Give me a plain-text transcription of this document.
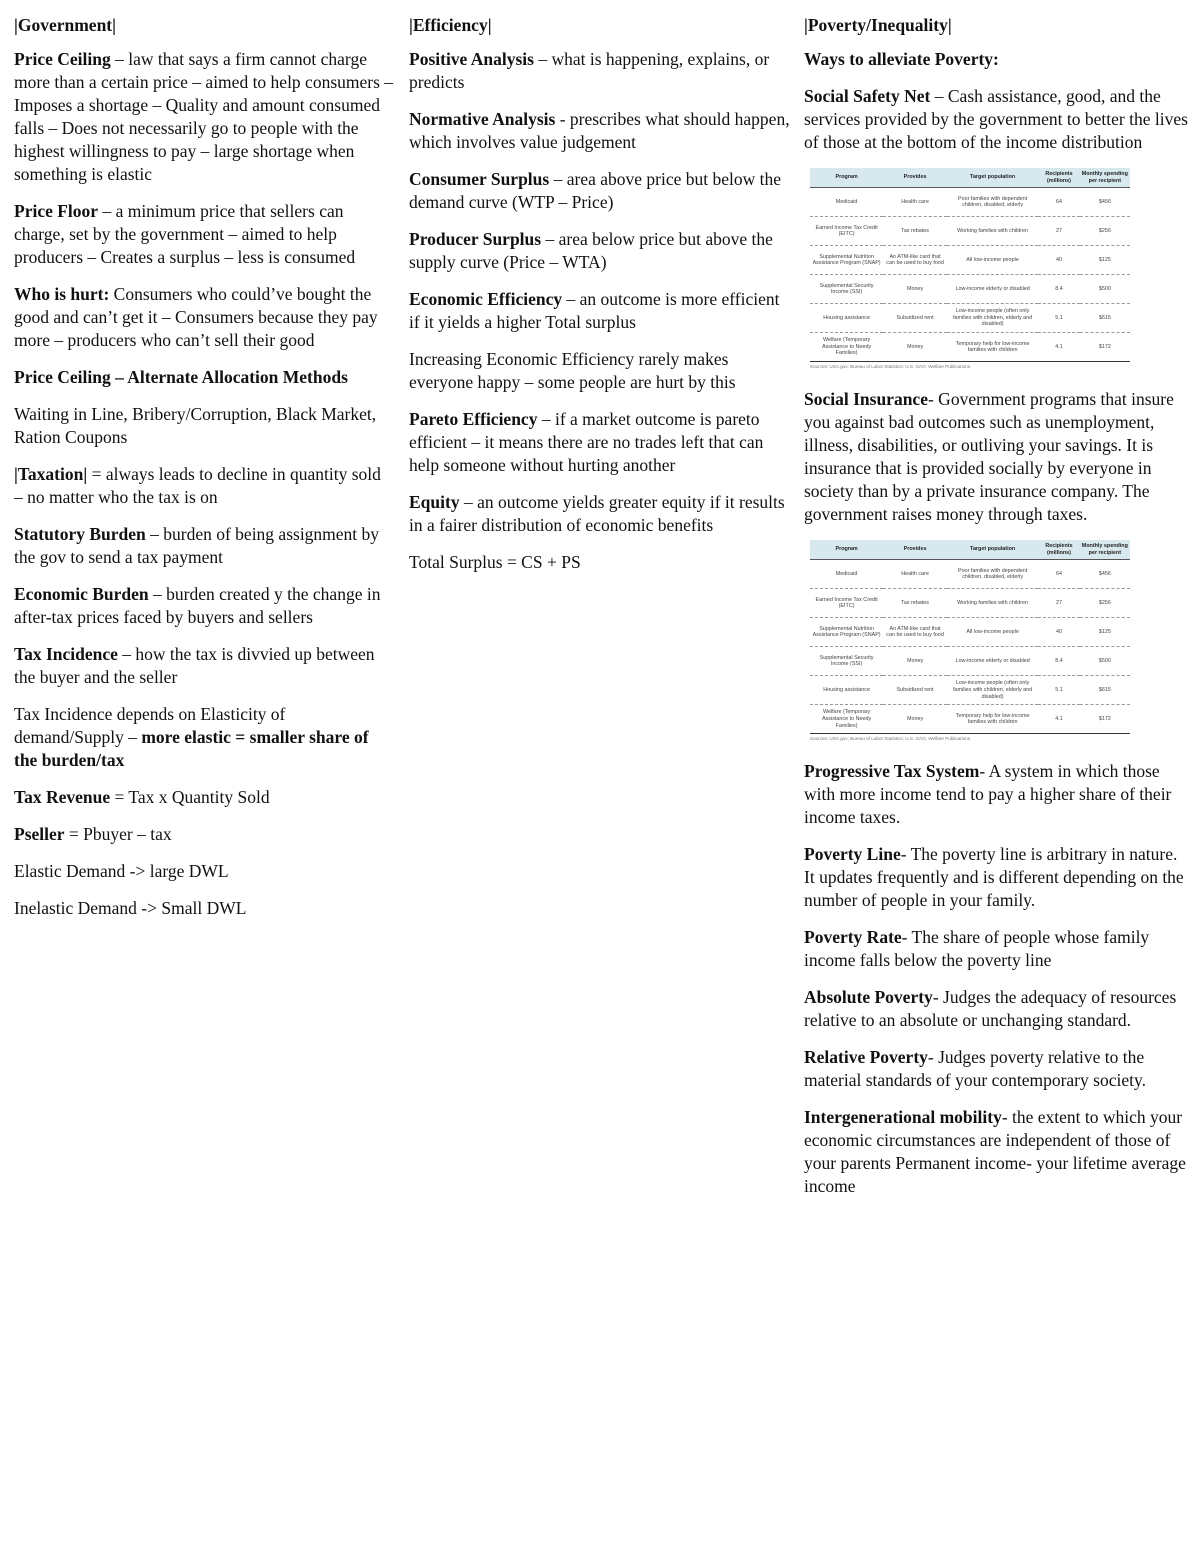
|Government|

Price Ceiling – law that says a firm cannot charge more than a certain price – aimed to help consumers – Imposes a shortage – Quality and amount consumed falls – Does not necessarily go to people with the highest willingness to pay – large shortage when something is elastic

Price Floor – a minimum price that sellers can charge, set by the government – aimed to help producers – Creates a surplus – less is consumed

Who is hurt: Consumers who could’ve bought the good and can’t get it – Consumers because they pay more – producers who can’t sell their good

Price Ceiling – Alternate Allocation Methods

Waiting in Line, Bribery/Corruption, Black Market, Ration Coupons

|Taxation| = always leads to decline in quantity sold – no matter who the tax is on

Statutory Burden – burden of being assignment by the gov to send a tax payment

Economic Burden – burden created y the change in after-tax prices faced by buyers and sellers

Tax Incidence – how the tax is divvied up between the buyer and the seller

Tax Incidence depends on Elasticity of demand/Supply – more elastic = smaller share of the burden/tax

Tax Revenue = Tax x Quantity Sold

Pseller = Pbuyer – tax

Elastic Demand -> large DWL

Inelastic Demand -> Small DWL

|Efficiency|

Positive Analysis – what is happening, explains, or predicts

Normative Analysis - prescribes what should happen, which involves value judgement

Consumer Surplus – area above price but below the demand curve (WTP – Price)

Producer Surplus – area below price but above the supply curve (Price – WTA)

Economic Efficiency – an outcome is more efficient if it yields a higher Total surplus

Increasing Economic Efficiency rarely makes everyone happy – some people are hurt by this

Pareto Efficiency – if a market outcome is pareto efficient – it means there are no trades left that can help someone without hurting another

Equity – an outcome yields greater equity if it results in a fairer distribution of economic benefits

Total Surplus = CS + PS

|Poverty/Inequality|

Ways to alleviate Poverty:

Social Safety Net – Cash assistance, good, and the services provided by the government to better the lives of those at the bottom of the income distribution

Program	Provides	Target population	Recipients (millions)	Monthly spending per recipient
Medicaid	Health care	Poor families with dependent children, disabled, elderly	64	$456
Earned Income Tax Credit (EITC)	Tax rebates	Working families with children	27	$256
Supplemental Nutrition Assistance Program (SNAP)	An ATM-like card that can be used to buy food	All low-income people	40	$125
Supplemental Security Income (SSI)	Money	Low-income elderly or disabled	8.4	$500
Housing assistance	Subsidized rent	Low-income people (often only families with children, elderly and disabled)	5.1	$615
Welfare (Temporary Assistance to Needy Families)	Money	Temporary help for low-income families with children	4.1	$172
Sources: USA.gov; Bureau of Labor Statistics; U.S. GAO, Welfare Publications.

Social Insurance- Government programs that insure you against bad outcomes such as unemployment, illness, disabilities, or outliving your savings. It is insurance that is provided socially by everyone in society than by a private insurance company. The government raises money through taxes.

Program	Provides	Target population	Recipients (millions)	Monthly spending per recipient
Medicaid	Health care	Poor families with dependent children, disabled, elderly	64	$456
Earned Income Tax Credit (EITC)	Tax rebates	Working families with children	27	$256
Supplemental Nutrition Assistance Program (SNAP)	An ATM-like card that can be used to buy food	All low-income people	40	$125
Supplemental Security Income (SSI)	Money	Low-income elderly or disabled	8.4	$500
Housing assistance	Subsidized rent	Low-income people (often only families with children, elderly and disabled)	5.1	$615
Welfare (Temporary Assistance to Needy Families)	Money	Temporary help for low-income families with children	4.1	$172
Sources: USA.gov; Bureau of Labor Statistics; U.S. GAO, Welfare Publications.

Progressive Tax System- A system in which those with more income tend to pay a higher share of their income taxes.

Poverty Line- The poverty line is arbitrary in nature. It updates frequently and is different depending on the number of people in your family.

Poverty Rate- The share of people whose family income falls below the poverty line

Absolute Poverty- Judges the adequacy of resources relative to an absolute or unchanging standard.

Relative Poverty- Judges poverty relative to the material standards of your contemporary society.

Intergenerational mobility- the extent to which your economic circumstances are independent of those of your parents Permanent income- your lifetime average income
